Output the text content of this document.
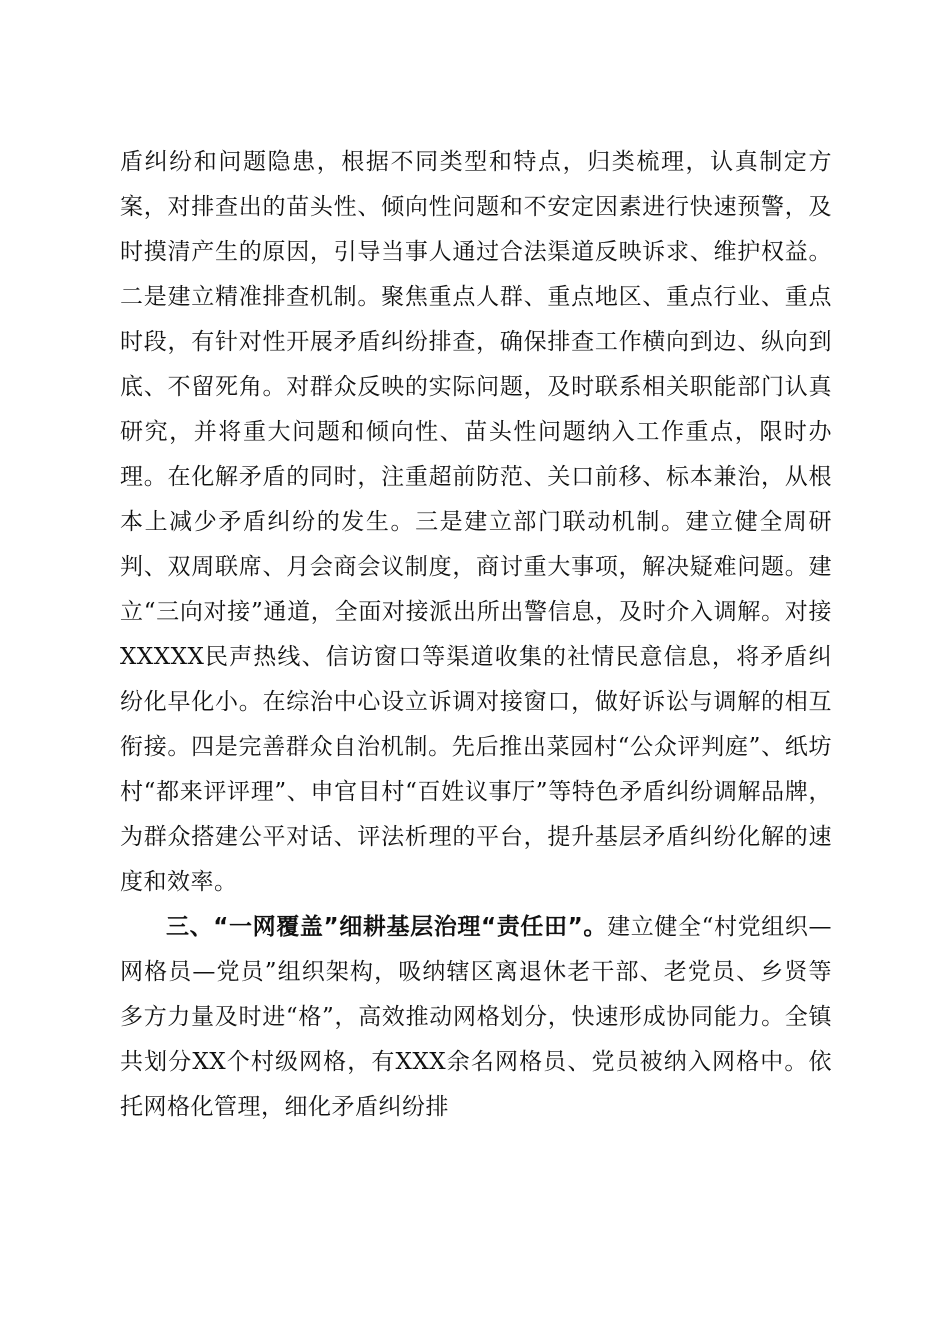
盾纠纷和问题隐患，根据不同类型和特点，归类梳理，认真制定方案，对排查出的苗头性、倾向性问题和不安定因素进行快速预警，及时摸清产生的原因，引导当事人通过合法渠道反映诉求、维护权益。二是建立精准排查机制。聚焦重点人群、重点地区、重点行业、重点时段，有针对性开展矛盾纠纷排查，确保排查工作横向到边、纵向到底、不留死角。对群众反映的实际问题，及时联系相关职能部门认真研究，并将重大问题和倾向性、苗头性问题纳入工作重点，限时办理。在化解矛盾的同时，注重超前防范、关口前移、标本兼治，从根本上减少矛盾纠纷的发生。三是建立部门联动机制。建立健全周研判、双周联席、月会商会议制度，商讨重大事项，解决疑难问题。建立“三向对接”通道，全面对接派出所出警信息，及时介入调解。对接XXXXX民声热线、信访窗口等渠道收集的社情民意信息，将矛盾纠纷化早化小。在综治中心设立诉调对接窗口，做好诉讼与调解的相互衔接。四是完善群众自治机制。先后推出菜园村“公众评判庭”、纸坊村“都来评评理”、申官目村“百姓议事厅”等特色矛盾纠纷调解品牌，为群众搭建公平对话、评法析理的平台，提升基层矛盾纠纷化解的速度和效率。

三、“一网覆盖”细耕基层治理“责任田”。建立健全“村党组织—网格员—党员”组织架构，吸纳辖区离退休老干部、老党员、乡贤等多方力量及时进“格”，高效推动网格划分，快速形成协同能力。全镇共划分XX个村级网格，有XXX余名网格员、党员被纳入网格中。依托网格化管理，细化矛盾纠纷排
